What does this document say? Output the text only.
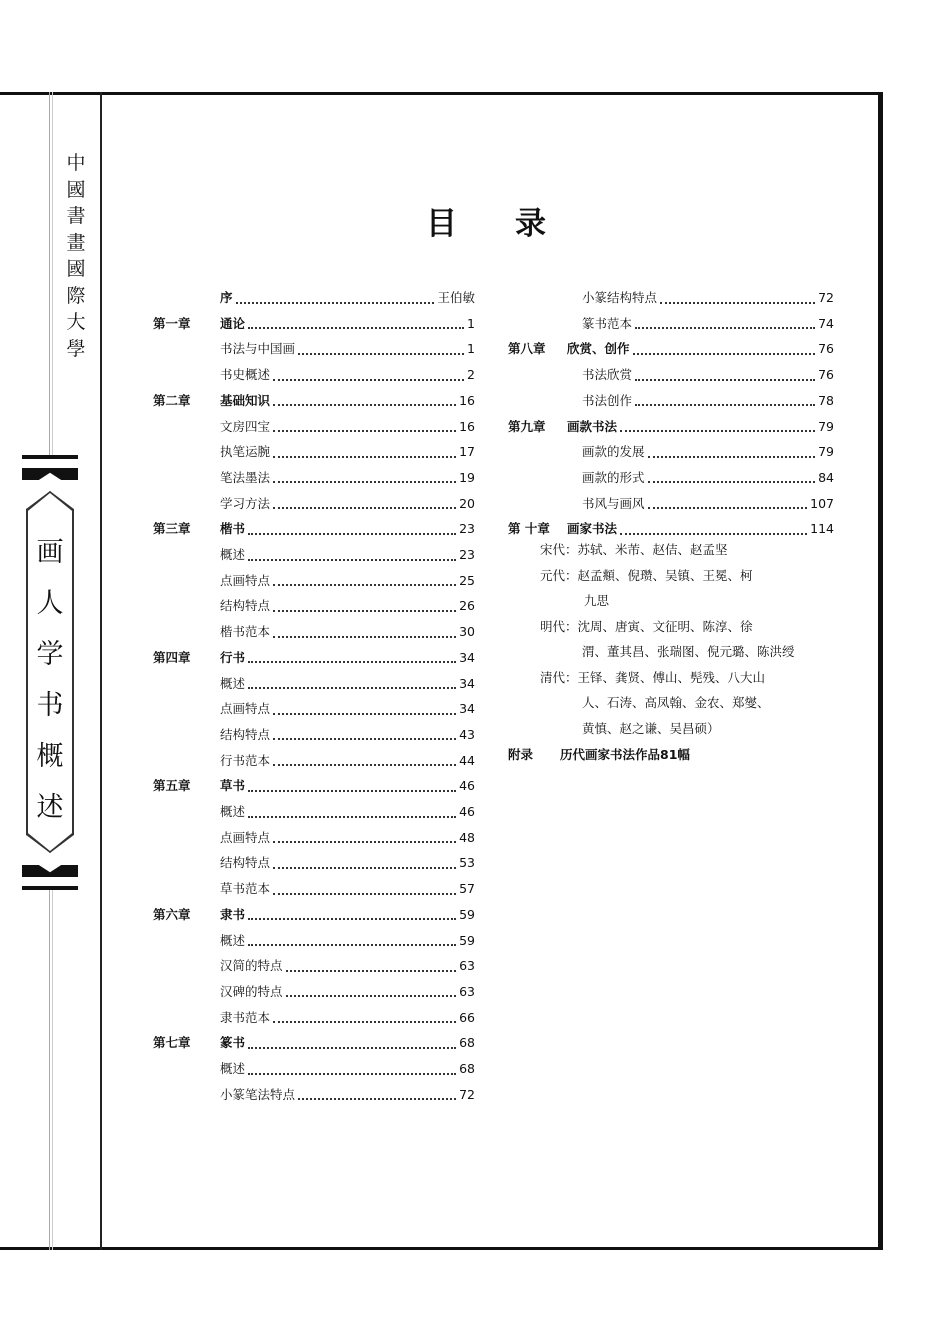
中
國
書
畫
國
際
大
學
画
人
学
书
概
述
目录
序	王伯敏
第一章 通论	1
书法与中国画	1
书史概述	2
第二章 基础知识	16
文房四宝	16
执笔运腕	17
笔法墨法	19
学习方法	20
第三章 楷书	23
概述	23
点画特点	25
结构特点	26
楷书范本	30
第四章 行书	34
概述	34
点画特点	34
结构特点	43
行书范本	44
第五章 草书	46
概述	46
点画特点	48
结构特点	53
草书范本	57
第六章 隶书	59
概述	59
汉简的特点	63
汉碑的特点	63
隶书范本	66
第七章 篆书	68
概述	68
小篆笔法特点	72
小篆结构特点	72
篆书范本	74
第八章 欣赏、创作	76
书法欣赏	76
书法创作	78
第九章 画款书法	79
画款的发展	79
画款的形式	84
书风与画风	107
第 十章 画家书法	114
宋代：苏轼、米芾、赵佶、赵孟坚
元代：赵孟頫、倪瓒、吴镇、王冕、柯
九思
明代：沈周、唐寅、文征明、陈淳、徐
渭、董其昌、张瑞图、倪元璐、陈洪绶
清代：王铎、龚贤、傅山、髡残、八大山
人、石涛、高凤翰、金农、郑燮、
黄慎、赵之谦、吴昌硕）
附录 历代画家书法作品81幅
